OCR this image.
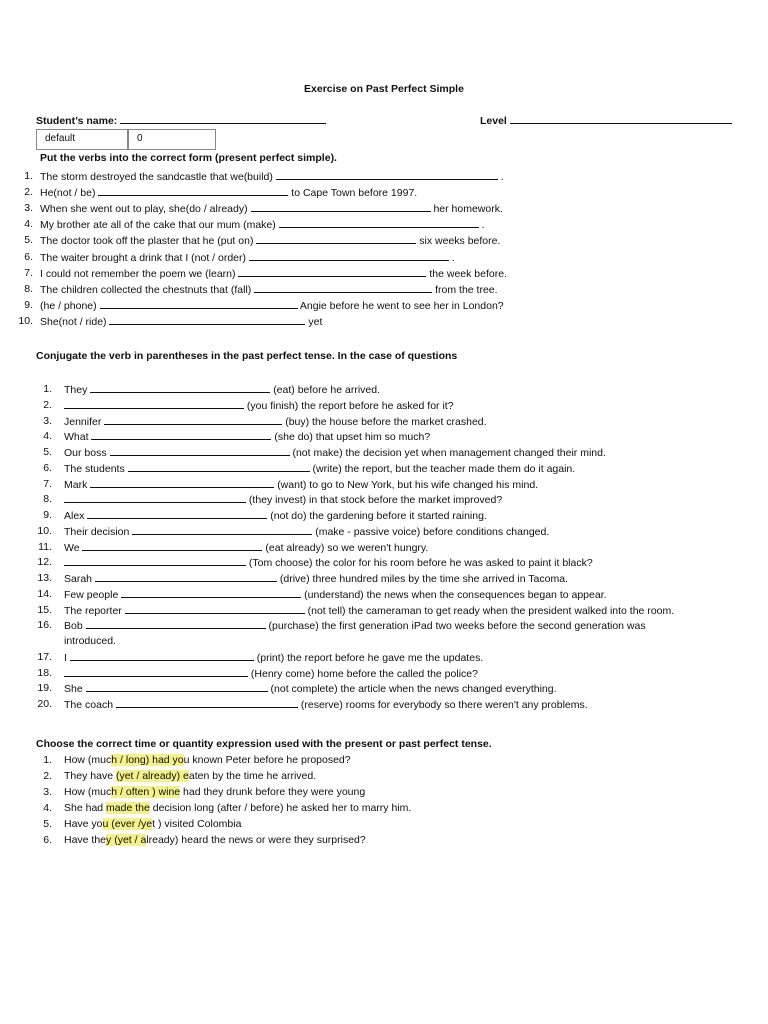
Exercise on Past Perfect Simple
Student’s name:	Level
default	0
Put the verbs into the correct form (present perfect simple).
1. The storm destroyed the sandcastle that we(build)	.
2. He(not / be)	to Cape Town before 1997.
3. When she went out to play, she(do / already)	her homework.
4. My brother ate all of the cake that our mum (make)	.
5. The doctor took off the plaster that he (put on)	six weeks before.
6. The waiter brought a drink that I (not / order)	.
7. I could not remember the poem we (learn)	the week before.
8. The children collected the chestnuts that (fall)	from the tree.
9. (he / phone)	Angie before he went to see her in London?
10. She(not / ride)	yet
Conjugate the verb in parentheses in the past perfect tense. In the case of questions
1. They	(eat) before he arrived.
2.	(you finish) the report before he asked for it?
3. Jennifer	(buy) the house before the market crashed.
4. What	(she do) that upset him so much?
5. Our boss	(not make) the decision yet when management changed their mind.
6. The students	(write) the report, but the teacher made them do it again.
7. Mark	(want) to go to New York, but his wife changed his mind.
8.	(they invest) in that stock before the market improved?
9. Alex	(not do) the gardening before it started raining.
10. Their decision	(make - passive voice) before conditions changed.
11. We	(eat already) so we weren't hungry.
12.	(Tom choose) the color for his room before he was asked to paint it black?
13. Sarah	(drive) three hundred miles by the time she arrived in Tacoma.
14. Few people	(understand) the news when the consequences began to appear.
15. The reporter	(not tell) the cameraman to get ready when the president walked into the room.
16. Bob	(purchase) the first generation iPad two weeks before the second generation was
introduced.
17. I	(print) the report before he gave me the updates.
18.	(Henry come) home before the called the police?
19. She	(not complete) the article when the news changed everything.
20. The coach	(reserve) rooms for everybody so there weren't any problems.
Choose the correct time or quantity expression used with the present or past perfect tense.
1. How (much / long) had you known Peter before he proposed?
2. They have (yet / already) eaten by the time he arrived.
3. How (much / often ) wine had they drunk before they were young
4. She had made the decision long (after / before) he asked her to marry him.
5. Have you (ever /yet ) visited Colombia
6. Have they (yet / already) heard the news or were they surprised?
